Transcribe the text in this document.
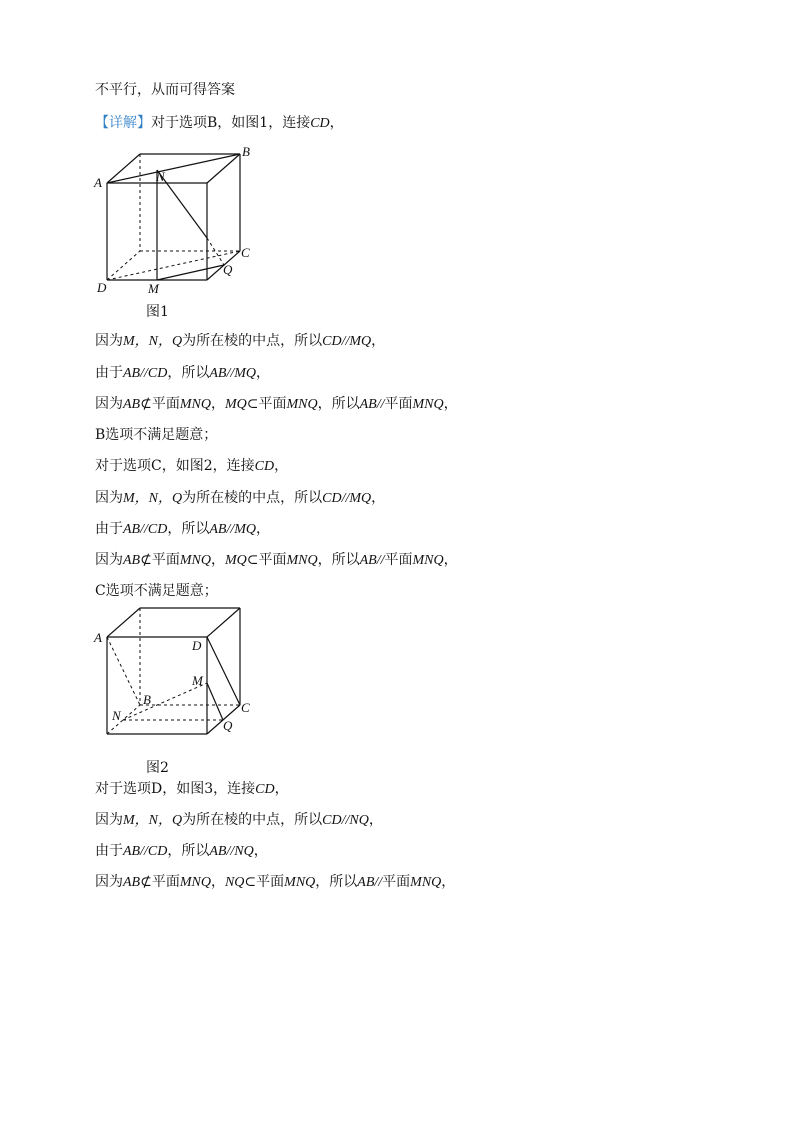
不平行，从而可得答案
【详解】对于选项B，如图1，连接CD，
A
B
N
C
Q
D	M
图1
因为M，N，Q为所在棱的中点，所以CD//MQ，
由于AB//CD，所以AB//MQ，
因为AB⊄平面MNQ，MQ⊂平面MNQ，所以AB//平面MNQ，
B选项不满足题意；
对于选项C，如图2，连接CD，
因为M，N，Q为所在棱的中点，所以CD//MQ，
由于AB//CD，所以AB//MQ，
因为AB⊄平面MNQ，MQ⊂平面MNQ，所以AB//平面MNQ，
C选项不满足题意；
A
D
M
B
C
N
Q
图2
对于选项D，如图3，连接CD，
因为M，N，Q为所在棱的中点，所以CD//NQ，
由于AB//CD，所以AB//NQ，
因为AB⊄平面MNQ，NQ⊂平面MNQ，所以AB//平面MNQ，
